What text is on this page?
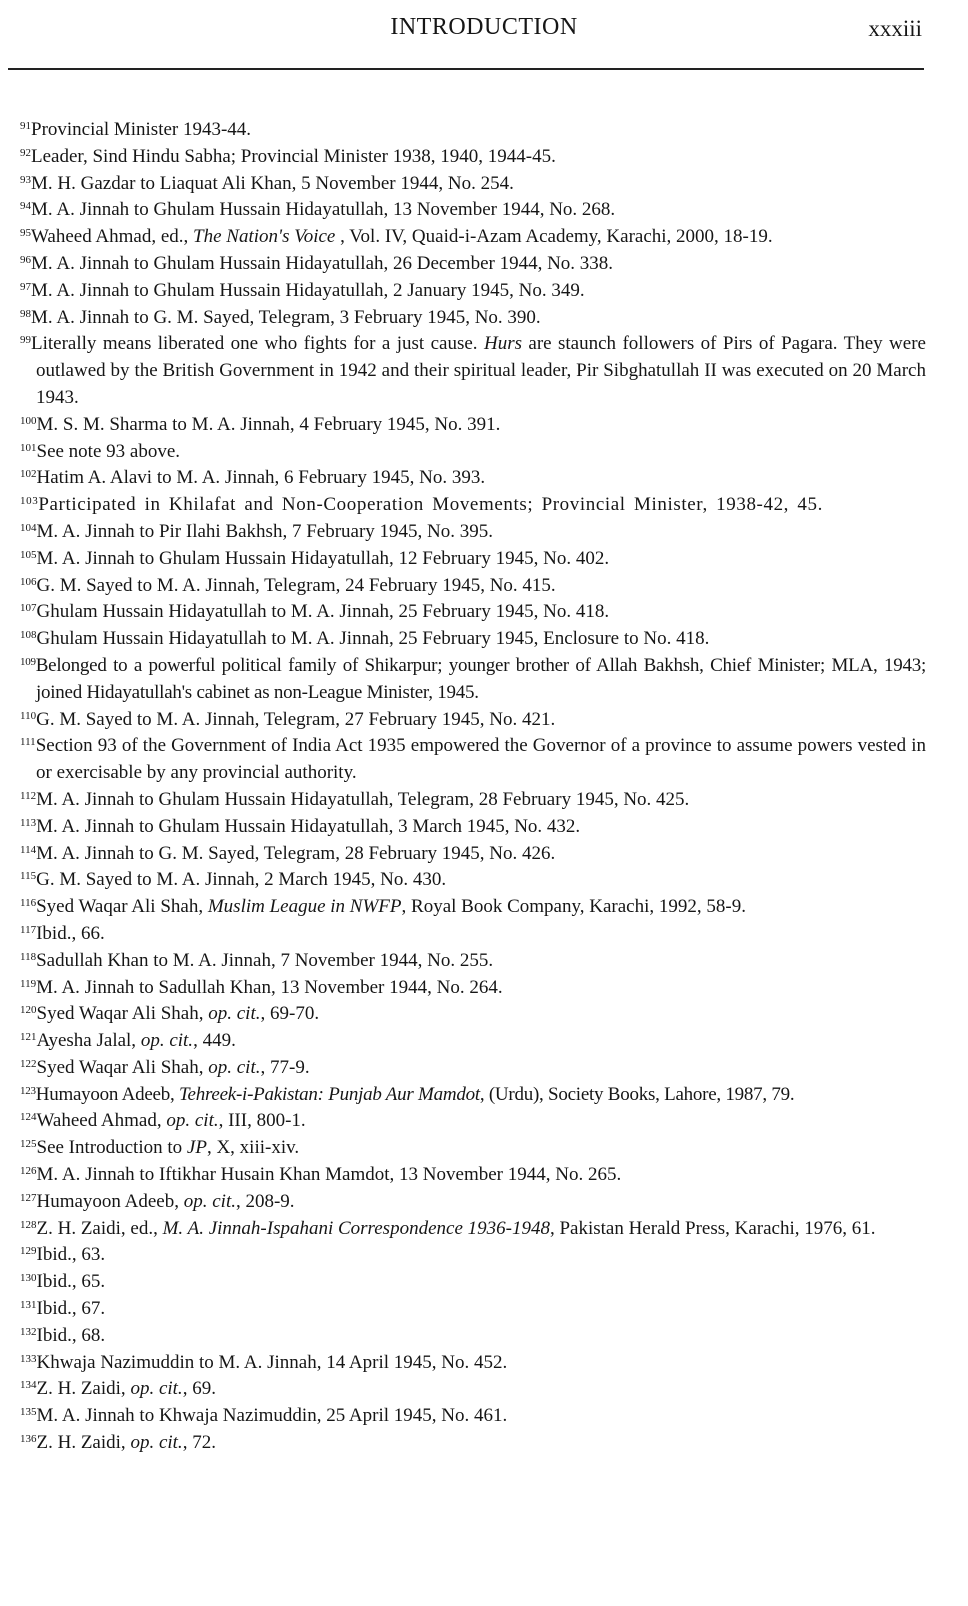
INTRODUCTION	xxxiii
$^{91}$Provincial Minister 1943-44.
$^{92}$Leader, Sind Hindu Sabha; Provincial Minister 1938, 1940, 1944-45.
$^{93}$M. H. Gazdar to Liaquat Ali Khan, 5 November 1944, No. 254.
$^{94}$M. A. Jinnah to Ghulam Hussain Hidayatullah, 13 November 1944, No. 268.
$^{95}$Waheed Ahmad, ed., The Nation's Voice , Vol. IV, Quaid-i-Azam Academy, Karachi, 2000, 18-19.
$^{96}$M. A. Jinnah to Ghulam Hussain Hidayatullah, 26 December 1944, No. 338.
$^{97}$M. A. Jinnah to Ghulam Hussain Hidayatullah, 2 January 1945, No. 349.
$^{98}$M. A. Jinnah to G. M. Sayed, Telegram, 3 February 1945, No. 390.
$^{99}$Literally means liberated one who fights for a just cause. Hurs are staunch followers of Pirs of Pagara. They were outlawed by the British Government in 1942 and their spiritual leader, Pir Sibghatullah II was executed on 20 March 1943.
$^{100}$M. S. M. Sharma to M. A. Jinnah, 4 February 1945, No. 391.
$^{101}$See note 93 above.
$^{102}$Hatim A. Alavi to M. A. Jinnah, 6 February 1945, No. 393.
$^{103}$Participated in Khilafat and Non-Cooperation Movements; Provincial Minister, 1938-42, 45.
$^{104}$M. A. Jinnah to Pir Ilahi Bakhsh, 7 February 1945, No. 395.
$^{105}$M. A. Jinnah to Ghulam Hussain Hidayatullah, 12 February 1945, No. 402.
$^{106}$G. M. Sayed to M. A. Jinnah, Telegram, 24 February 1945, No. 415.
$^{107}$Ghulam Hussain Hidayatullah to M. A. Jinnah, 25 February 1945, No. 418.
$^{108}$Ghulam Hussain Hidayatullah to M. A. Jinnah, 25 February 1945, Enclosure to No. 418.
$^{109}$Belonged to a powerful political family of Shikarpur; younger brother of Allah Bakhsh, Chief Minister; MLA, 1943; joined Hidayatullah's cabinet as non-League Minister, 1945.
$^{110}$G. M. Sayed to M. A. Jinnah, Telegram, 27 February 1945, No. 421.
$^{111}$Section 93 of the Government of India Act 1935 empowered the Governor of a province to assume powers vested in or exercisable by any provincial authority.
$^{112}$M. A. Jinnah to Ghulam Hussain Hidayatullah, Telegram, 28 February 1945, No. 425.
$^{113}$M. A. Jinnah to Ghulam Hussain Hidayatullah, 3 March 1945, No. 432.
$^{114}$M. A. Jinnah to G. M. Sayed, Telegram, 28 February 1945, No. 426.
$^{115}$G. M. Sayed to M. A. Jinnah, 2 March 1945, No. 430.
$^{116}$Syed Waqar Ali Shah, Muslim League in NWFP, Royal Book Company, Karachi, 1992, 58-9.
$^{117}$Ibid., 66.
$^{118}$Sadullah Khan to M. A. Jinnah, 7 November 1944, No. 255.
$^{119}$M. A. Jinnah to Sadullah Khan, 13 November 1944, No. 264.
$^{120}$Syed Waqar Ali Shah, op. cit., 69-70.
$^{121}$Ayesha Jalal, op. cit., 449.
$^{122}$Syed Waqar Ali Shah, op. cit., 77-9.
$^{123}$Humayoon Adeeb, Tehreek-i-Pakistan: Punjab Aur Mamdot, (Urdu), Society Books, Lahore, 1987, 79.
$^{124}$Waheed Ahmad, op. cit., III, 800-1.
$^{125}$See Introduction to JP, X, xiii-xiv.
$^{126}$M. A. Jinnah to Iftikhar Husain Khan Mamdot, 13 November 1944, No. 265.
$^{127}$Humayoon Adeeb, op. cit., 208-9.
$^{128}$Z. H. Zaidi, ed., M. A. Jinnah-Ispahani Correspondence 1936-1948, Pakistan Herald Press, Karachi, 1976, 61.
$^{129}$Ibid., 63.
$^{130}$Ibid., 65.
$^{131}$Ibid., 67.
$^{132}$Ibid., 68.
$^{133}$Khwaja Nazimuddin to M. A. Jinnah, 14 April 1945, No. 452.
$^{134}$Z. H. Zaidi, op. cit., 69.
$^{135}$M. A. Jinnah to Khwaja Nazimuddin, 25 April 1945, No. 461.
$^{136}$Z. H. Zaidi, op. cit., 72.
